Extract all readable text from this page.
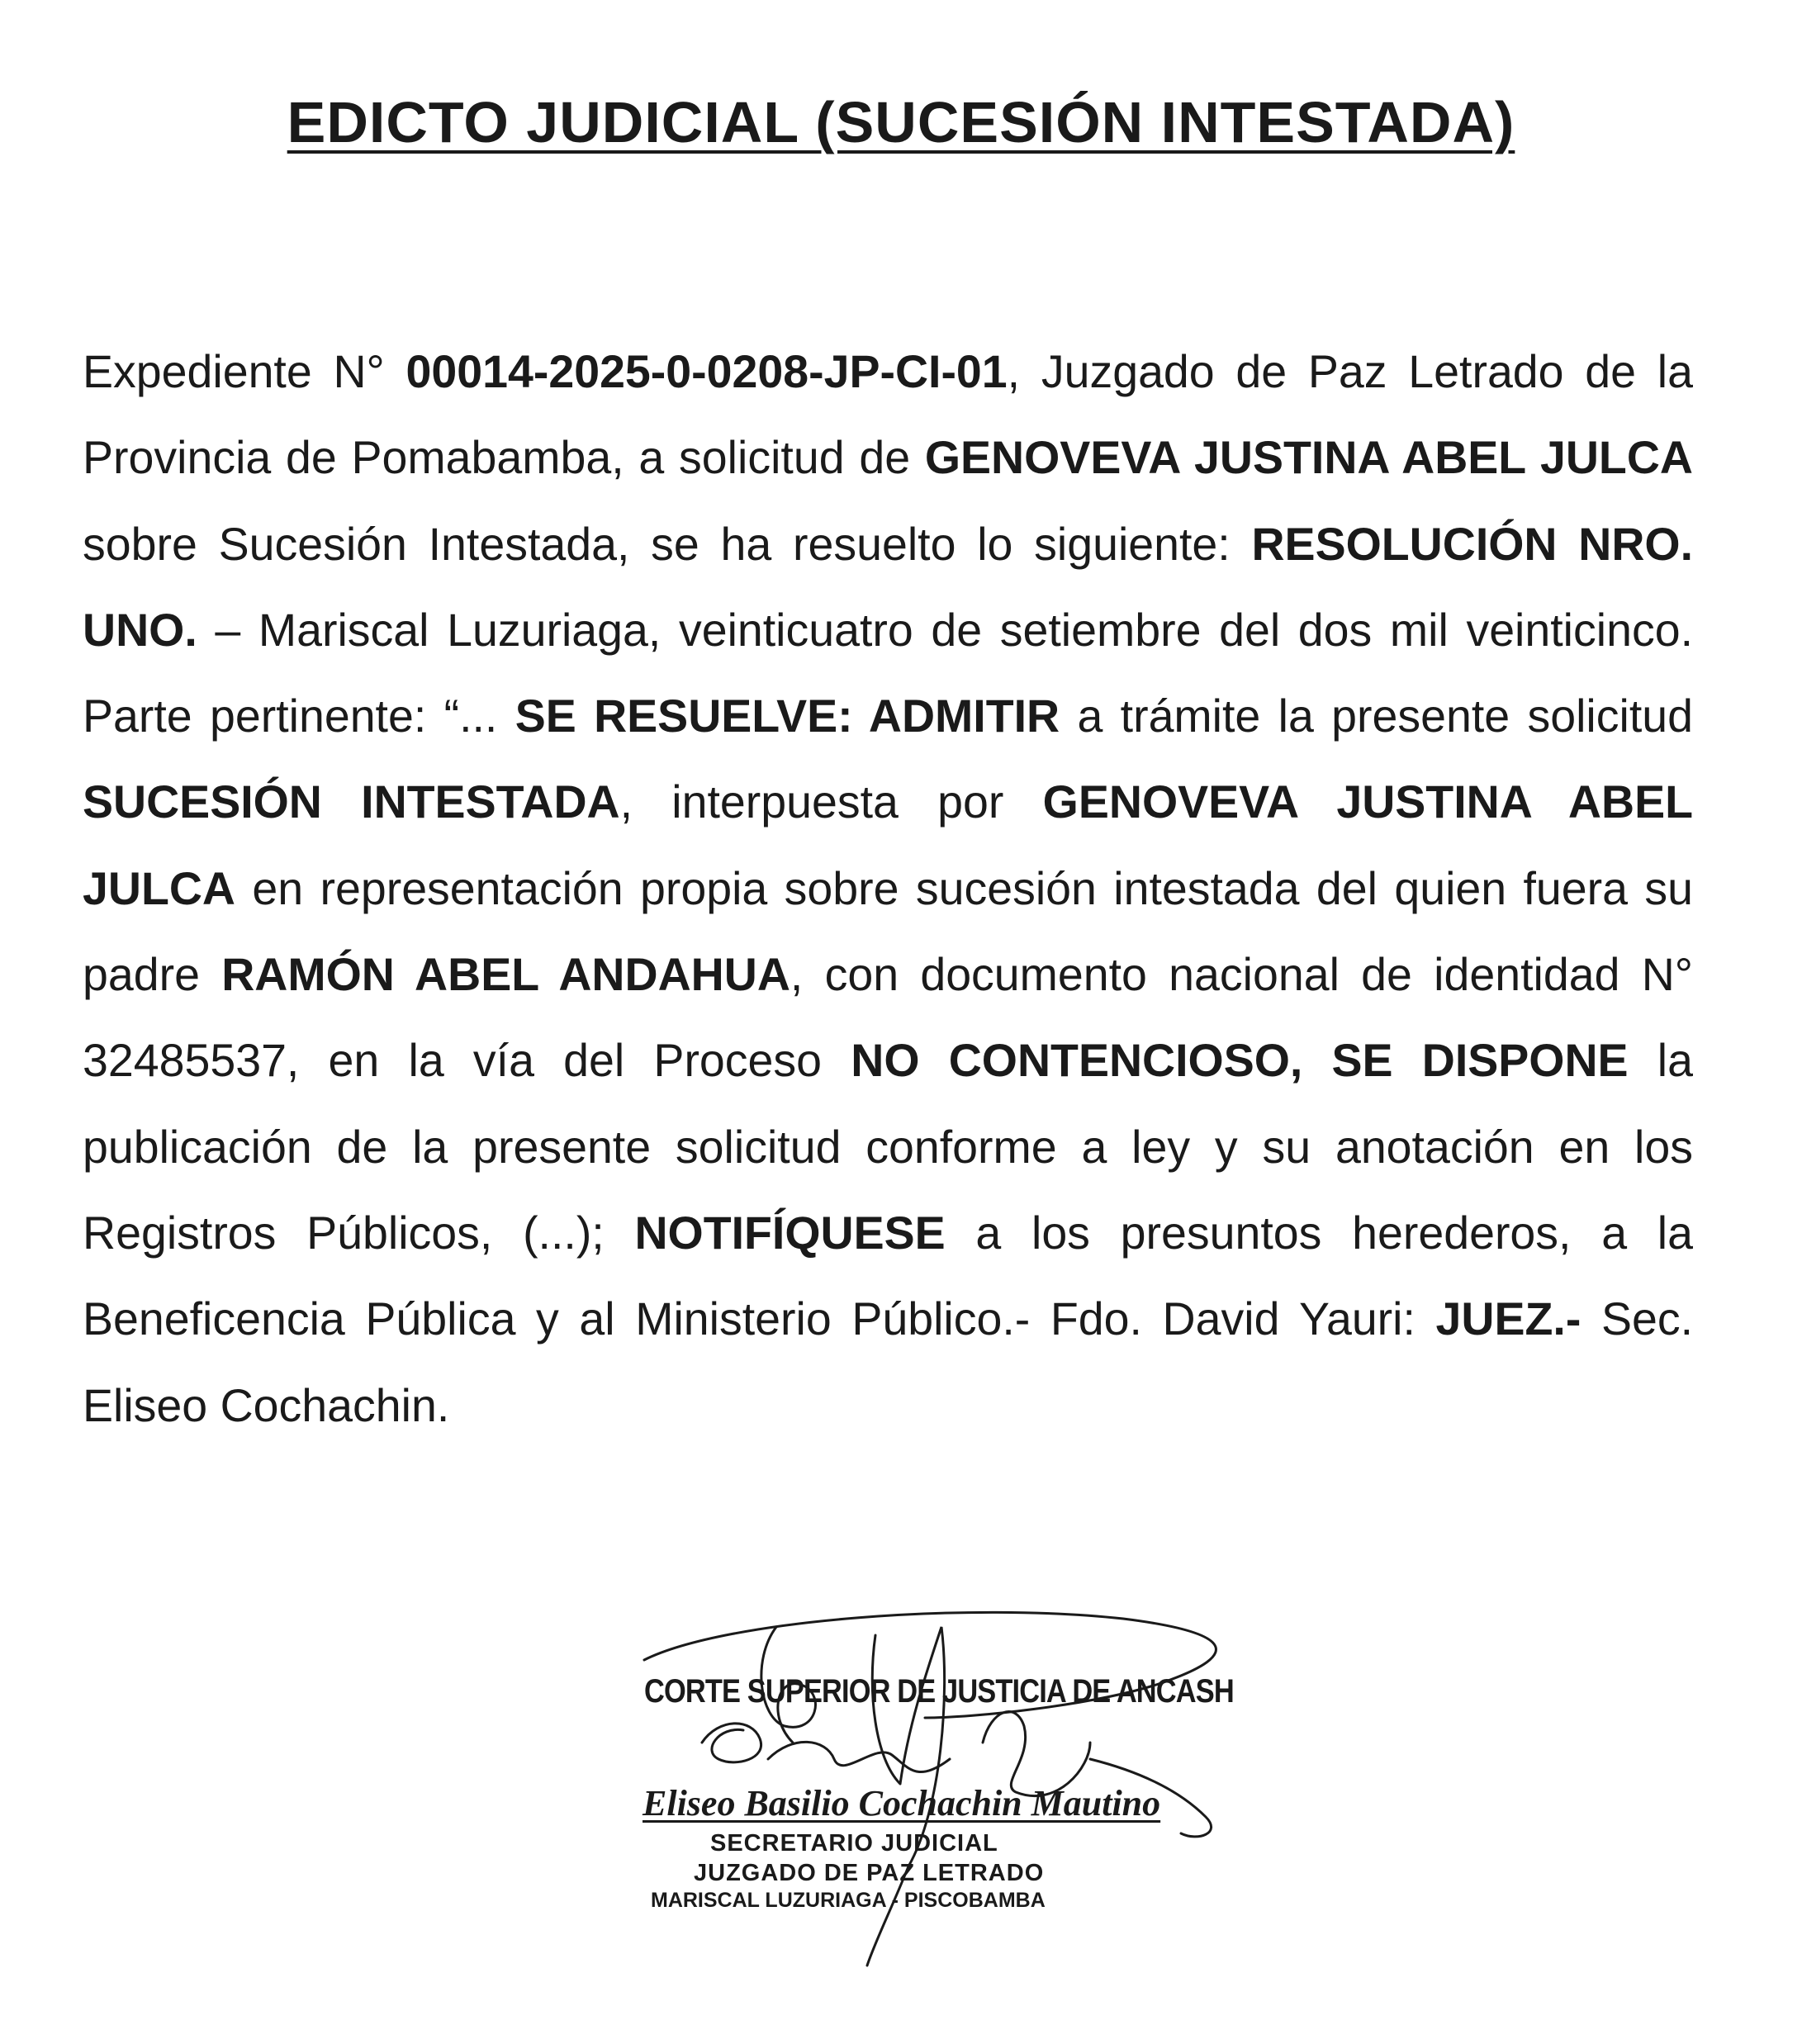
EDICTO JUDICIAL (SUCESIÓN INTESTADA)

Expediente N° 00014-2025-0-0208-JP-CI-01, Juzgado de Paz Letrado de la Provincia de Pomabamba, a solicitud de GENOVEVA JUSTINA ABEL JULCA sobre Sucesión Intestada, se ha resuelto lo siguiente: RESOLUCIÓN NRO. UNO. – Mariscal Luzuriaga, veinticuatro de setiembre del dos mil veinticinco. Parte pertinente: “... SE RESUELVE: ADMITIR a trámite la presente solicitud SUCESIÓN INTESTADA, interpuesta por GENOVEVA JUSTINA ABEL JULCA en representación propia sobre sucesión intestada del quien fuera su padre RAMÓN ABEL ANDAHUA, con documento nacional de identidad N° 32485537, en la vía del Proceso NO CONTENCIOSO, SE DISPONE la publicación de la presente solicitud conforme a ley y su anotación en los Registros Públicos, (...); NOTIFÍQUESE a los presuntos herederos, a la Beneficencia Pública y al Ministerio Público.- Fdo. David Yauri: JUEZ.- Sec. Eliseo Cochachin.

CORTE SUPERIOR DE JUSTICIA DE ANCASH
Eliseo Basilio Cochachin Mautino
SECRETARIO JUDICIAL
JUZGADO DE PAZ LETRADO
MARISCAL LUZURIAGA - PISCOBAMBA
